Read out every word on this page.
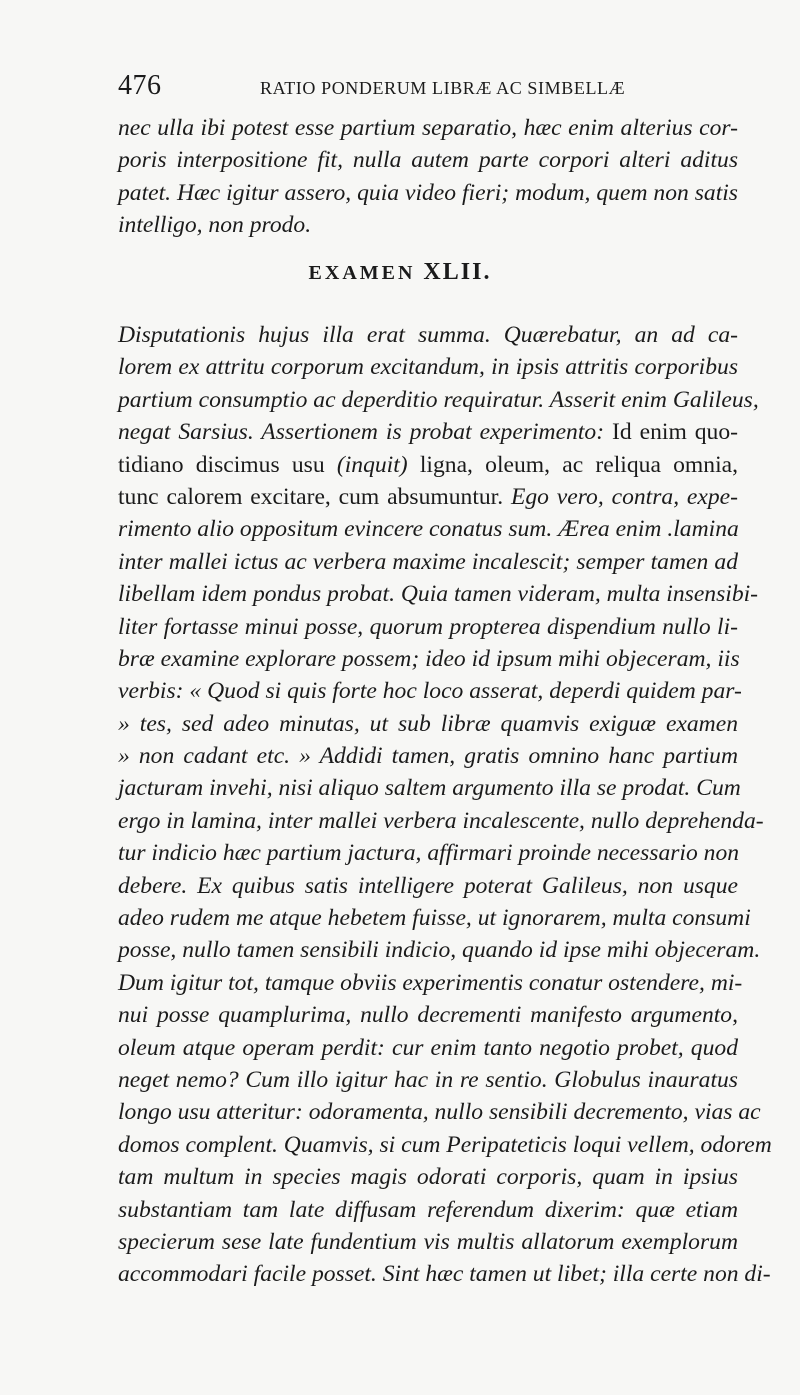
476	RATIO PONDERUM LIBRÆ AC SIMBELLÆ
nec ulla ibi potest esse partium separatio, hæc enim alterius cor-
poris interpositione fit, nulla autem parte corpori alteri aditus
patet. Hæc igitur assero, quia video fieri; modum, quem non satis
intelligo, non prodo.
EXAMEN XLII.
Disputationis hujus illa erat summa. Quærebatur, an ad ca-
lorem ex attritu corporum excitandum, in ipsis attritis corporibus
partium consumptio ac deperditio requiratur. Asserit enim Galileus,
negat Sarsius. Assertionem is probat experimento: Id enim quo-
tidiano discimus usu (inquit) ligna, oleum, ac reliqua omnia,
tunc calorem excitare, cum absumuntur. Ego vero, contra, expe-
rimento alio oppositum evincere conatus sum. Ærea enim .lamina
inter mallei ictus ac verbera maxime incalescit; semper tamen ad
libellam idem pondus probat. Quia tamen videram, multa insensibi-
liter fortasse minui posse, quorum propterea dispendium nullo li-
bræ examine explorare possem; ideo id ipsum mihi objeceram, iis
verbis: « Quod si quis forte hoc loco asserat, deperdi quidem par-
» tes, sed adeo minutas, ut sub libræ quamvis exiguæ examen
» non cadant etc. » Addidi tamen, gratis omnino hanc partium
jacturam invehi, nisi aliquo saltem argumento illa se prodat. Cum
ergo in lamina, inter mallei verbera incalescente, nullo deprehenda-
tur indicio hæc partium jactura, affirmari proinde necessario non
debere. Ex quibus satis intelligere poterat Galileus, non usque
adeo rudem me atque hebetem fuisse, ut ignorarem, multa consumi
posse, nullo tamen sensibili indicio, quando id ipse mihi objeceram.
Dum igitur tot, tamque obviis experimentis conatur ostendere, mi-
nui posse quamplurima, nullo decrementi manifesto argumento,
oleum atque operam perdit: cur enim tanto negotio probet, quod
neget nemo? Cum illo igitur hac in re sentio. Globulus inauratus
longo usu atteritur: odoramenta, nullo sensibili decremento, vias ac
domos complent. Quamvis, si cum Peripateticis loqui vellem, odorem
tam multum in species magis odorati corporis, quam in ipsius
substantiam tam late diffusam referendum dixerim: quæ etiam
specierum sese late fundentium vis multis allatorum exemplorum
accommodari facile posset. Sint hæc tamen ut libet; illa certe non di-
